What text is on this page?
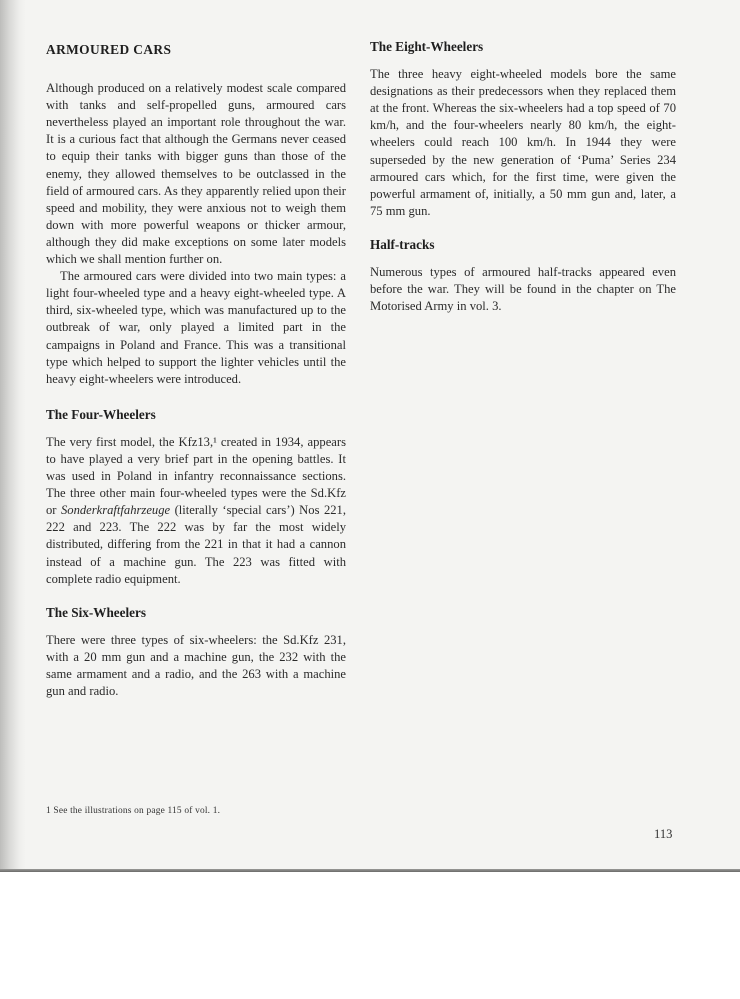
ARMOURED CARS

Although produced on a relatively modest scale compared with tanks and self-propelled guns, armoured cars nevertheless played an important role throughout the war. It is a curious fact that although the Germans never ceased to equip their tanks with bigger guns than those of the enemy, they allowed themselves to be outclassed in the field of armoured cars. As they apparently relied upon their speed and mobility, they were anxious not to weigh them down with more powerful weapons or thicker armour, although they did make exceptions on some later models which we shall mention further on.

The armoured cars were divided into two main types: a light four-wheeled type and a heavy eight-wheeled type. A third, six-wheeled type, which was manufactured up to the outbreak of war, only played a limited part in the campaigns in Poland and France. This was a transitional type which helped to support the lighter vehicles until the heavy eight-wheelers were introduced.

The Four-Wheelers

The very first model, the Kfz13,¹ created in 1934, appears to have played a very brief part in the opening battles. It was used in Poland in infantry reconnaissance sections. The three other main four-wheeled types were the Sd.Kfz or Sonderkraftfahrzeuge (literally ‘special cars’) Nos 221, 222 and 223. The 222 was by far the most widely distributed, differing from the 221 in that it had a cannon instead of a machine gun. The 223 was fitted with complete radio equipment.

The Six-Wheelers

There were three types of six-wheelers: the Sd.Kfz 231, with a 20 mm gun and a machine gun, the 232 with the same armament and a radio, and the 263 with a machine gun and radio.

The Eight-Wheelers

The three heavy eight-wheeled models bore the same designations as their predecessors when they replaced them at the front. Whereas the six-wheelers had a top speed of 70 km/h, and the four-wheelers nearly 80 km/h, the eight-wheelers could reach 100 km/h. In 1944 they were superseded by the new generation of ‘Puma’ Series 234 armoured cars which, for the first time, were given the powerful armament of, initially, a 50 mm gun and, later, a 75 mm gun.

Half-tracks

Numerous types of armoured half-tracks appeared even before the war. They will be found in the chapter on The Motorised Army in vol. 3.

1 See the illustrations on page 115 of vol. 1.
113
